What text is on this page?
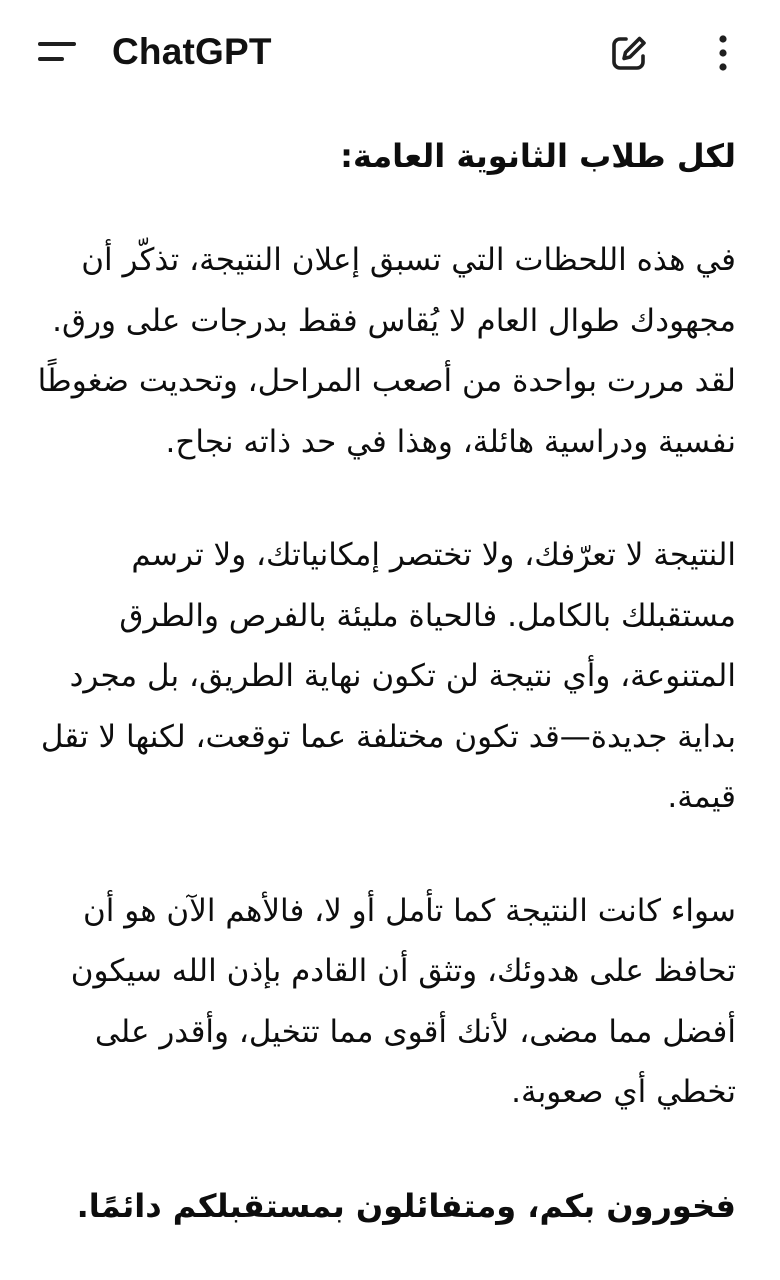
ChatGPT

لكل طلاب الثانوية العامة:

في هذه اللحظات التي تسبق إعلان النتيجة، تذكّر أن مجهودك طوال العام لا يُقاس فقط بدرجات على ورق. لقد مررت بواحدة من أصعب المراحل، وتحديت ضغوطًا نفسية ودراسية هائلة، وهذا في حد ذاته نجاح.

النتيجة لا تعرّفك، ولا تختصر إمكانياتك، ولا ترسم مستقبلك بالكامل. فالحياة مليئة بالفرص والطرق المتنوعة، وأي نتيجة لن تكون نهاية الطريق، بل مجرد بداية جديدة—قد تكون مختلفة عما توقعت، لكنها لا تقل قيمة.

سواء كانت النتيجة كما تأمل أو لا، فالأهم الآن هو أن تحافظ على هدوئك، وتثق أن القادم بإذن الله سيكون أفضل مما مضى، لأنك أقوى مما تتخيل، وأقدر على تخطي أي صعوبة.

فخورون بكم، ومتفائلون بمستقبلكم دائمًا.
